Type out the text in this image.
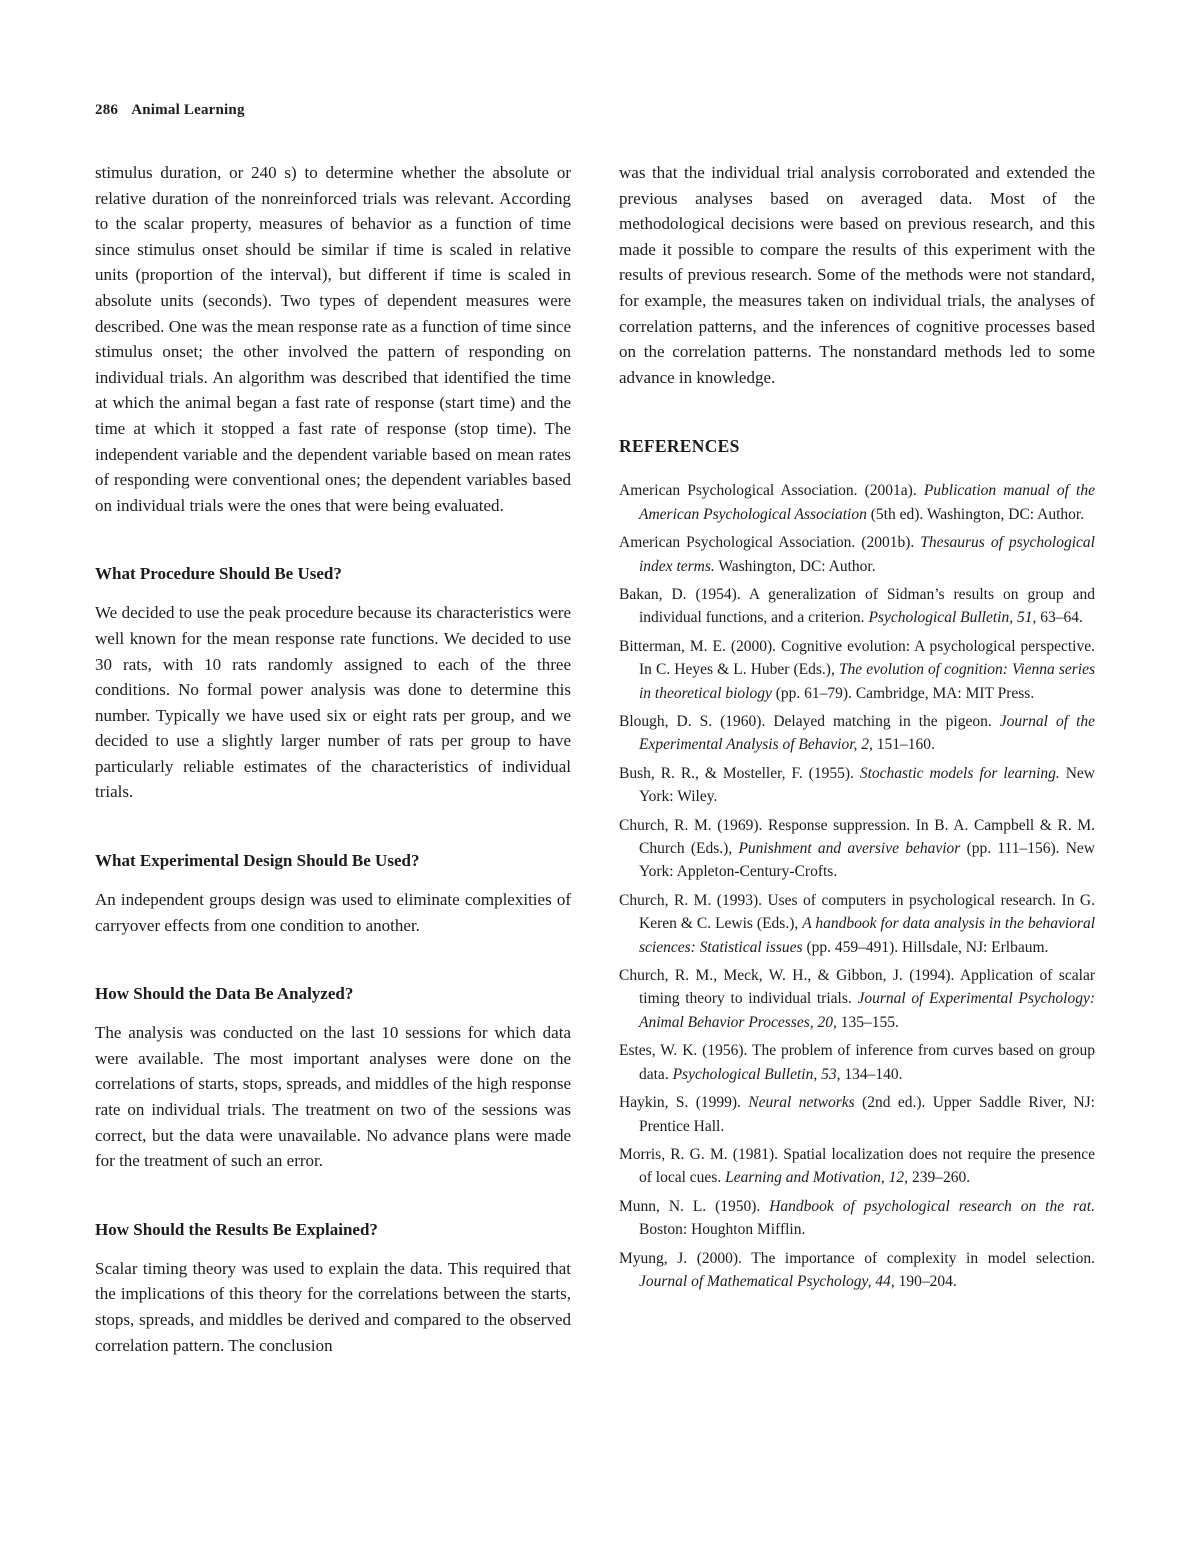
286 Animal Learning

stimulus duration, or 240 s) to determine whether the absolute or relative duration of the nonreinforced trials was relevant. According to the scalar property, measures of behavior as a function of time since stimulus onset should be similar if time is scaled in relative units (proportion of the interval), but different if time is scaled in absolute units (seconds). Two types of dependent measures were described. One was the mean response rate as a function of time since stimulus onset; the other involved the pattern of responding on individual trials. An algorithm was described that identified the time at which the animal began a fast rate of response (start time) and the time at which it stopped a fast rate of response (stop time). The independent variable and the dependent variable based on mean rates of responding were conventional ones; the dependent variables based on individual trials were the ones that were being evaluated.

What Procedure Should Be Used?

We decided to use the peak procedure because its characteristics were well known for the mean response rate functions. We decided to use 30 rats, with 10 rats randomly assigned to each of the three conditions. No formal power analysis was done to determine this number. Typically we have used six or eight rats per group, and we decided to use a slightly larger number of rats per group to have particularly reliable estimates of the characteristics of individual trials.

What Experimental Design Should Be Used?

An independent groups design was used to eliminate complexities of carryover effects from one condition to another.

How Should the Data Be Analyzed?

The analysis was conducted on the last 10 sessions for which data were available. The most important analyses were done on the correlations of starts, stops, spreads, and middles of the high response rate on individual trials. The treatment on two of the sessions was correct, but the data were unavailable. No advance plans were made for the treatment of such an error.

How Should the Results Be Explained?

Scalar timing theory was used to explain the data. This required that the implications of this theory for the correlations between the starts, stops, spreads, and middles be derived and compared to the observed correlation pattern. The conclusion

was that the individual trial analysis corroborated and extended the previous analyses based on averaged data. Most of the methodological decisions were based on previous research, and this made it possible to compare the results of this experiment with the results of previous research. Some of the methods were not standard, for example, the measures taken on individual trials, the analyses of correlation patterns, and the inferences of cognitive processes based on the correlation patterns. The nonstandard methods led to some advance in knowledge.

REFERENCES
American Psychological Association. (2001a). Publication manual of the American Psychological Association (5th ed). Washington, DC: Author.
American Psychological Association. (2001b). Thesaurus of psychological index terms. Washington, DC: Author.
Bakan, D. (1954). A generalization of Sidman’s results on group and individual functions, and a criterion. Psychological Bulletin, 51, 63–64.
Bitterman, M. E. (2000). Cognitive evolution: A psychological perspective. In C. Heyes & L. Huber (Eds.), The evolution of cognition: Vienna series in theoretical biology (pp. 61–79). Cambridge, MA: MIT Press.
Blough, D. S. (1960). Delayed matching in the pigeon. Journal of the Experimental Analysis of Behavior, 2, 151–160.
Bush, R. R., & Mosteller, F. (1955). Stochastic models for learning. New York: Wiley.
Church, R. M. (1969). Response suppression. In B. A. Campbell & R. M. Church (Eds.), Punishment and aversive behavior (pp. 111–156). New York: Appleton-Century-Crofts.
Church, R. M. (1993). Uses of computers in psychological research. In G. Keren & C. Lewis (Eds.), A handbook for data analysis in the behavioral sciences: Statistical issues (pp. 459–491). Hillsdale, NJ: Erlbaum.
Church, R. M., Meck, W. H., & Gibbon, J. (1994). Application of scalar timing theory to individual trials. Journal of Experimental Psychology: Animal Behavior Processes, 20, 135–155.
Estes, W. K. (1956). The problem of inference from curves based on group data. Psychological Bulletin, 53, 134–140.
Haykin, S. (1999). Neural networks (2nd ed.). Upper Saddle River, NJ: Prentice Hall.
Morris, R. G. M. (1981). Spatial localization does not require the presence of local cues. Learning and Motivation, 12, 239–260.
Munn, N. L. (1950). Handbook of psychological research on the rat. Boston: Houghton Mifflin.
Myung, J. (2000). The importance of complexity in model selection. Journal of Mathematical Psychology, 44, 190–204.
